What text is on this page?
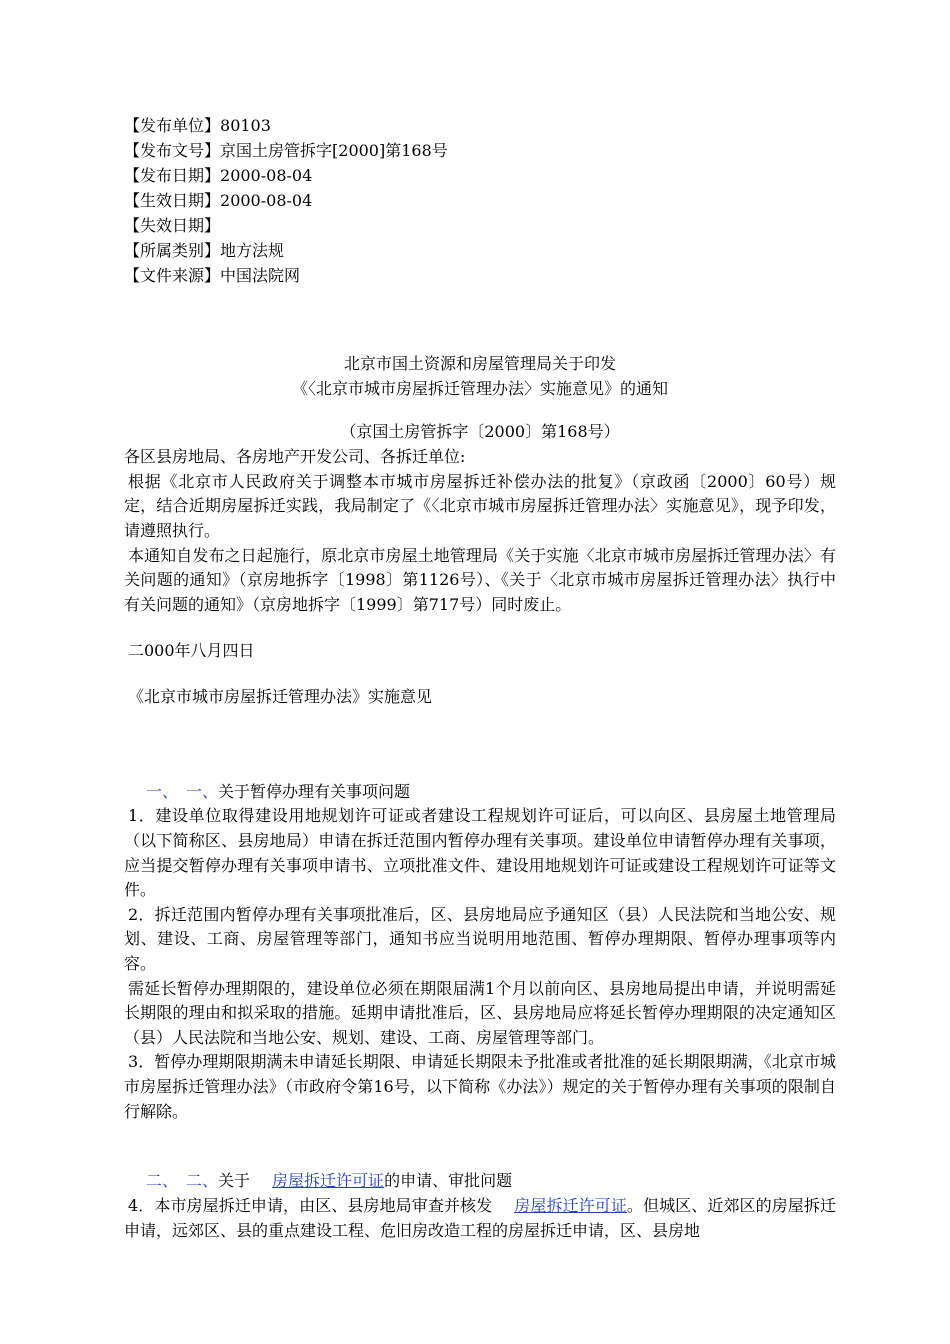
【发布单位】80103
【发布文号】京国土房管拆字[2000]第168号
【发布日期】2000-08-04
【生效日期】2000-08-04
【失效日期】
【所属类别】地方法规
【文件来源】中国法院网
北京市国土资源和房屋管理局关于印发
《〈北京市城市房屋拆迁管理办法〉实施意见》的通知
（京国土房管拆字〔2000〕第168号）
各区县房地局、各房地产开发公司、各拆迁单位:
根据《北京市人民政府关于调整本市城市房屋拆迁补偿办法的批复》（京政函〔2000〕60号）规定，结合近期房屋拆迁实践，我局制定了《〈北京市城市房屋拆迁管理办法〉实施意见》，现予印发，请遵照执行。
本通知自发布之日起施行，原北京市房屋土地管理局《关于实施〈北京市城市房屋拆迁管理办法〉有关问题的通知》（京房地拆字〔1998〕第1126号）、《关于〈北京市城市房屋拆迁管理办法〉执行中有关问题的通知》（京房地拆字〔1999〕第717号）同时废止。
二000年八月四日
《北京市城市房屋拆迁管理办法》实施意见
一、 一、关于暂停办理有关事项问题
1．建设单位取得建设用地规划许可证或者建设工程规划许可证后，可以向区、县房屋土地管理局（以下简称区、县房地局）申请在拆迁范围内暂停办理有关事项。建设单位申请暂停办理有关事项，应当提交暂停办理有关事项申请书、立项批准文件、建设用地规划许可证或建设工程规划许可证等文件。
2．拆迁范围内暂停办理有关事项批准后，区、县房地局应予通知区（县）人民法院和当地公安、规划、建设、工商、房屋管理等部门，通知书应当说明用地范围、暂停办理期限、暂停办理事项等内容。
需延长暂停办理期限的，建设单位必须在期限届满1个月以前向区、县房地局提出申请，并说明需延长期限的理由和拟采取的措施。延期申请批准后，区、县房地局应将延长暂停办理期限的决定通知区（县）人民法院和当地公安、规划、建设、工商、房屋管理等部门。
3．暂停办理期限期满未申请延长期限、申请延长期限未予批准或者批准的延长期限期满，《北京市城市房屋拆迁管理办法》（市政府令第16号，以下简称《办法》）规定的关于暂停办理有关事项的限制自行解除。
二、 二、关于 房屋拆迁许可证的申请、审批问题
4．本市房屋拆迁申请，由区、县房地局审查并核发 房屋拆迁许可证。但城区、近郊区的房屋拆迁申请，远郊区、县的重点建设工程、危旧房改造工程的房屋拆迁申请，区、县房地
